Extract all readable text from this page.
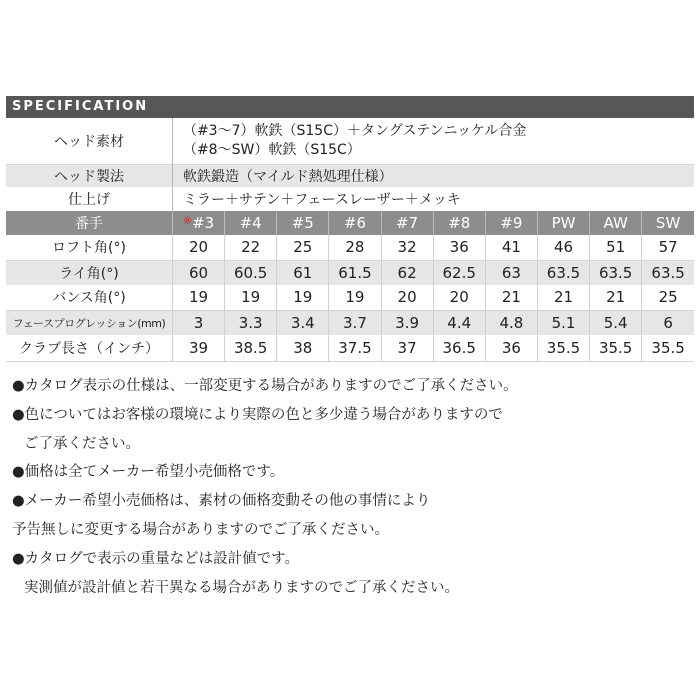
SPECIFICATION
ヘッド素材	（#3～7）軟鉄（S15C）＋タングステンニッケル合金
（#8～SW）軟鉄（S15C）									

ヘッド製法	軟鉄鍛造（マイルド熱処理仕様）									
仕上げ	ミラー＋サテン＋フェースレーザー＋メッキ									
番手	※#3	#4	#5	#6	#7	#8	#9	PW	AW	SW
ロフト角(°)	20	22	25	28	32	36	41	46	51	57
ライ角(°)	60	60.5	61	61.5	62	62.5	63	63.5	63.5	63.5
バンス角(°)	19	19	19	19	20	20	21	21	21	25
フェースプログレッション(mm)	3	3.3	3.4	3.7	3.9	4.4	4.8	5.1	5.4	6
クラブ長さ（インチ）	39	38.5	38	37.5	37	36.5	36	35.5	35.5	35.5
●カタログ表示の仕様は、一部変更する場合がありますのでご了承ください。
●色についてはお客様の環境により実際の色と多少違う場合がありますので
ご了承ください。
●価格は全てメーカー希望小売価格です。
●メーカー希望小売価格は、素材の価格変動その他の事情により
予告無しに変更する場合がありますのでご了承ください。
●カタログで表示の重量などは設計値です。
実測値が設計値と若干異なる場合がありますのでご了承ください。
